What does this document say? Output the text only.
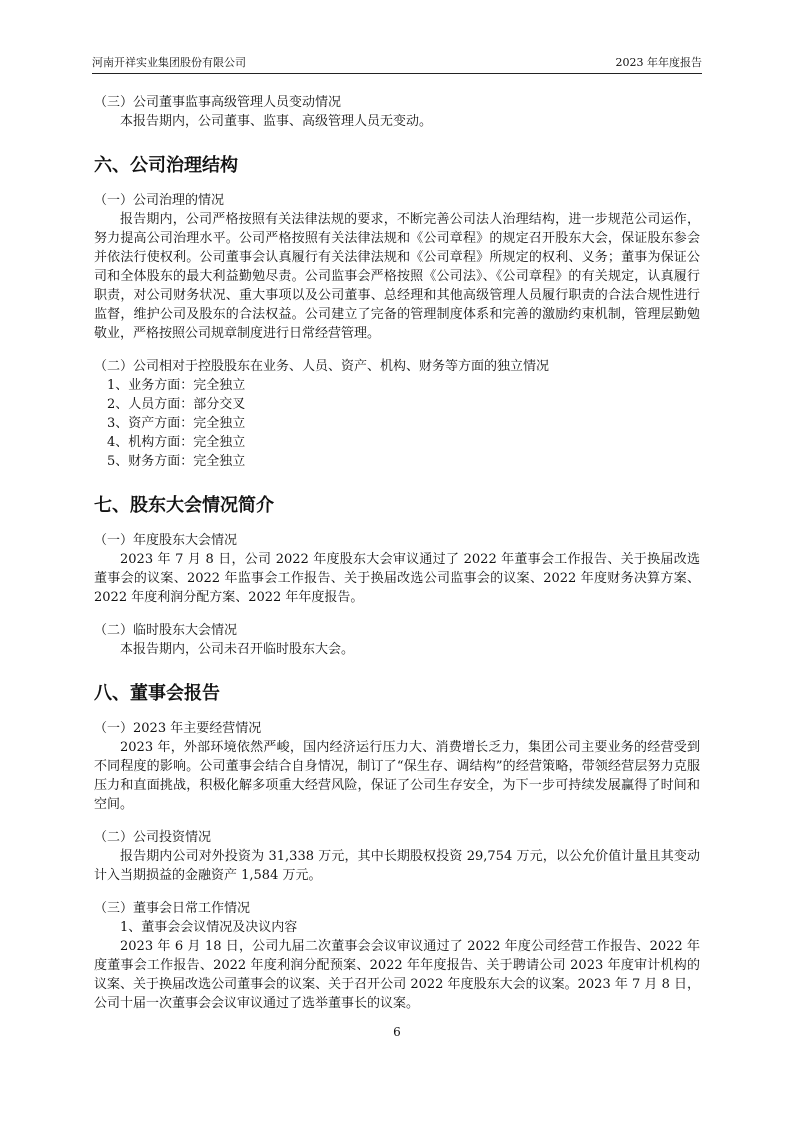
河南开祥实业集团股份有限公司	2023 年年度报告

（三）公司董事监事高级管理人员变动情况

本报告期内，公司董事、监事、高级管理人员无变动。

六、公司治理结构

（一）公司治理的情况

报告期内，公司严格按照有关法律法规的要求，不断完善公司法人治理结构，进一步规范公司运作，努力提高公司治理水平。公司严格按照有关法律法规和《公司章程》的规定召开股东大会，保证股东参会并依法行使权利。公司董事会认真履行有关法律法规和《公司章程》所规定的权利、义务；董事为保证公司和全体股东的最大利益勤勉尽责。公司监事会严格按照《公司法》、《公司章程》的有关规定，认真履行职责，对公司财务状况、重大事项以及公司董事、总经理和其他高级管理人员履行职责的合法合规性进行监督，维护公司及股东的合法权益。公司建立了完备的管理制度体系和完善的激励约束机制，管理层勤勉敬业，严格按照公司规章制度进行日常经营管理。

（二）公司相对于控股股东在业务、人员、资产、机构、财务等方面的独立情况

1、业务方面：完全独立
2、人员方面：部分交叉
3、资产方面：完全独立
4、机构方面：完全独立
5、财务方面：完全独立
七、股东大会情况简介

（一）年度股东大会情况

2023 年 7 月 8 日，公司 2022 年度股东大会审议通过了 2022 年董事会工作报告、关于换届改选董事会的议案、2022 年监事会工作报告、关于换届改选公司监事会的议案、2022 年度财务决算方案、2022 年度利润分配方案、2022 年年度报告。

（二）临时股东大会情况

本报告期内，公司未召开临时股东大会。

八、董事会报告

（一）2023 年主要经营情况

2023 年，外部环境依然严峻，国内经济运行压力大、消费增长乏力，集团公司主要业务的经营受到不同程度的影响。公司董事会结合自身情况，制订了“保生存、调结构”的经营策略，带领经营层努力克服压力和直面挑战，积极化解多项重大经营风险，保证了公司生存安全，为下一步可持续发展赢得了时间和空间。

（二）公司投资情况

报告期内公司对外投资为 31,338 万元，其中长期股权投资 29,754 万元，以公允价值计量且其变动计入当期损益的金融资产 1,584 万元。

（三）董事会日常工作情况

1、董事会会议情况及决议内容

2023 年 6 月 18 日，公司九届二次董事会会议审议通过了 2022 年度公司经营工作报告、2022 年度董事会工作报告、2022 年度利润分配预案、2022 年年度报告、关于聘请公司 2023 年度审计机构的议案、关于换届改选公司董事会的议案、关于召开公司 2022 年度股东大会的议案。2023 年 7 月 8 日，公司十届一次董事会会议审议通过了选举董事长的议案。

6
